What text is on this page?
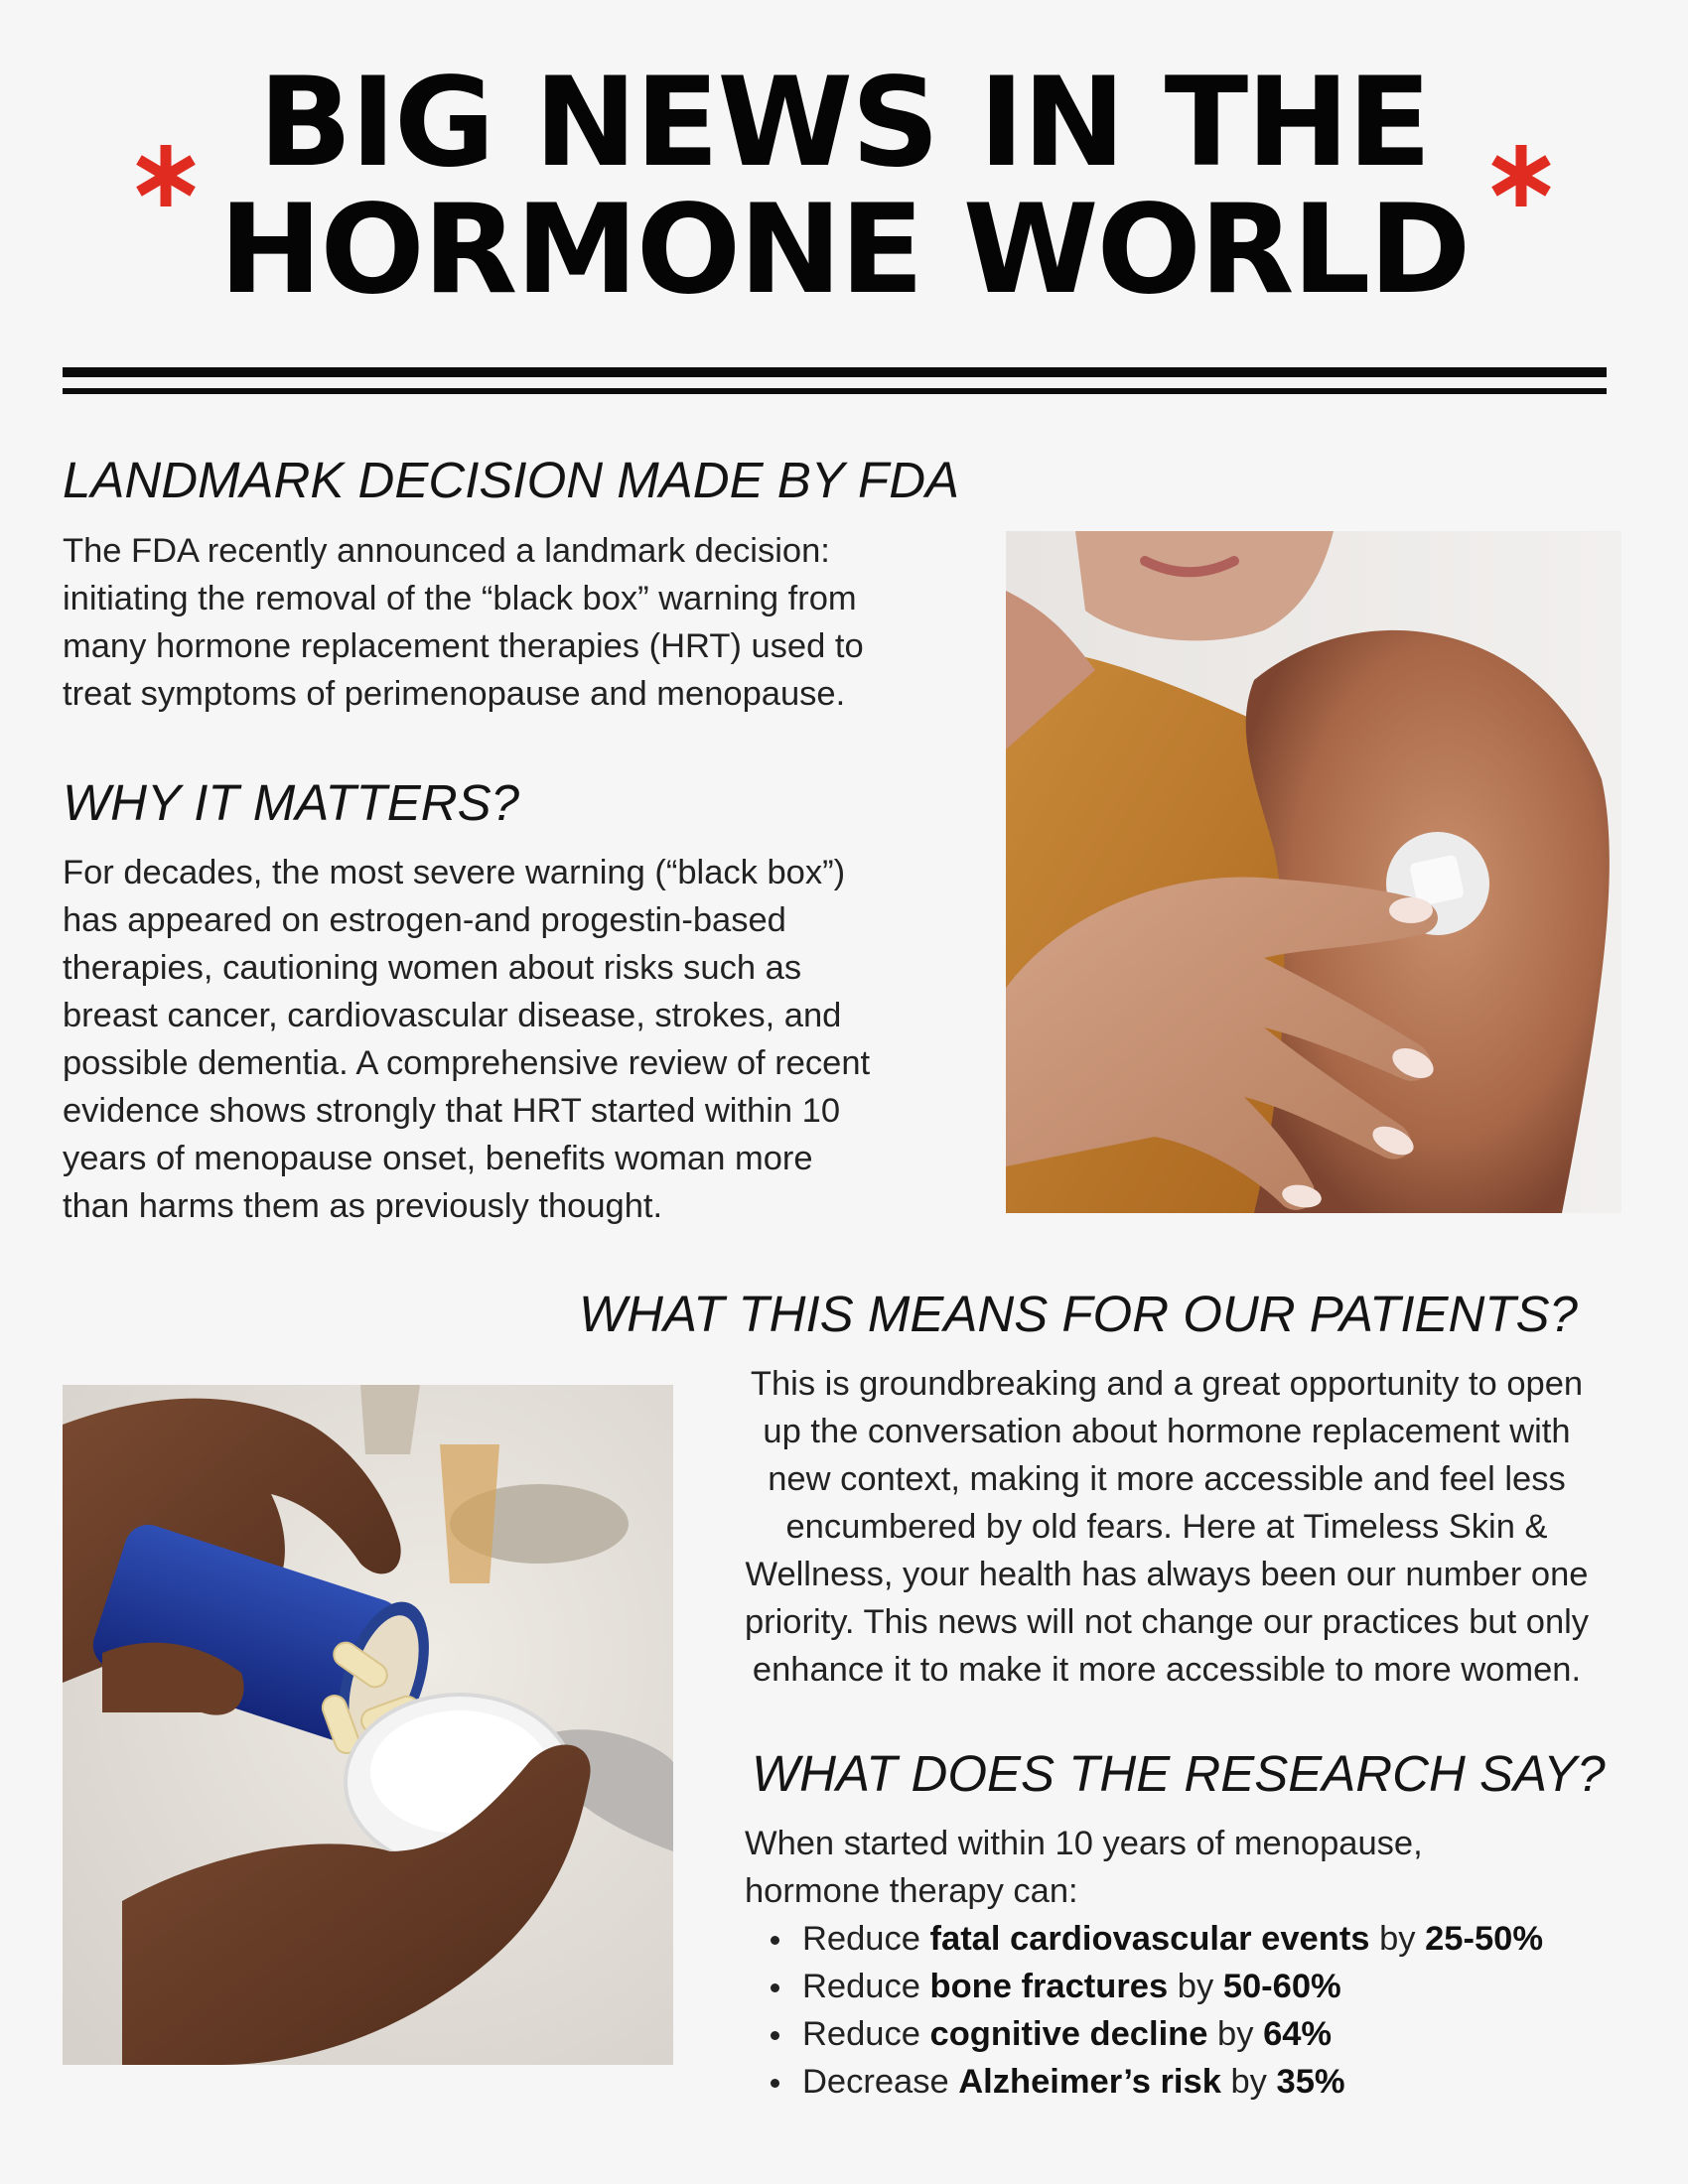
BIG NEWS IN THE
HORMONE WORLD
LANDMARK DECISION MADE BY FDA
The FDA recently announced a landmark decision:
initiating the removal of the “black box” warning from
many hormone replacement therapies (HRT) used to
treat symptoms of perimenopause and menopause.
WHY IT MATTERS?
For decades, the most severe warning (“black box”)
has appeared on estrogen-and progestin-based
therapies, cautioning women about risks such as
breast cancer, cardiovascular disease, strokes, and
possible dementia. A comprehensive review of recent
evidence shows strongly that HRT started within 10
years of menopause onset, benefits woman more
than harms them as previously thought.
WHAT THIS MEANS FOR OUR PATIENTS?
This is groundbreaking and a great opportunity to open
up the conversation about hormone replacement with
new context, making it more accessible and feel less
encumbered by old fears. Here at Timeless Skin &
Wellness, your health has always been our number one
priority. This news will not change our practices but only
enhance it to make it more accessible to more women.
WHAT DOES THE RESEARCH SAY?
When started within 10 years of menopause,
hormone therapy can:
Reduce fatal cardiovascular events by 25-50%
Reduce bone fractures by 50-60%
Reduce cognitive decline by 64%
Decrease Alzheimer’s risk by 35%
